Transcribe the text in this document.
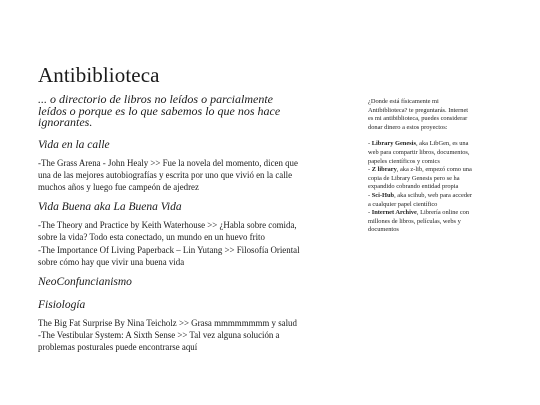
Antibiblioteca

... o directorio de libros no leídos o parcialmente leídos o porque es lo que sabemos lo que nos hace ignorantes.

Vida en la calle

-The Grass Arena - John Healy >> Fue la novela del momento, dicen que una de las mejores autobiografías y escrita por uno que vivió en la calle muchos años y luego fue campeón de ajedrez

Vida Buena aka La Buena Vida

-The Theory and Practice by Keith Waterhouse >> ¿Habla sobre comida, sobre la vida? Todo esta conectado, un mundo en un huevo frito

-The Importance Of Living Paperback – Lin Yutang >> Filosofía Oriental sobre cómo hay que vivir una buena vida

NeoConfuncianismo
Fisiología

The Big Fat Surprise By Nina Teicholz >> Grasa mmmmmmmm y salud

-The Vestibular System: A Sixth Sense >> Tal vez alguna solución a problemas posturales puede encontrarse aquí

¿Donde está físicamente mi Antibiblioteca? te preguntarás. Internet es mi antibiblioteca, puedes considerar donar dinero a estos proyectos:

- Library Genesis, aka LibGen, es una web para compartir libros, documentos, papeles científicos y comics
- Z library, aka z-lib, empezó como una copia de Library Genesis pero se ha expandido cobrando entidad propia
- Sci-Hub, aka scihub, web para acceder a cualquier papel científico
- Internet Archive, Librería online con millones de libros, películas, webs y documentos
